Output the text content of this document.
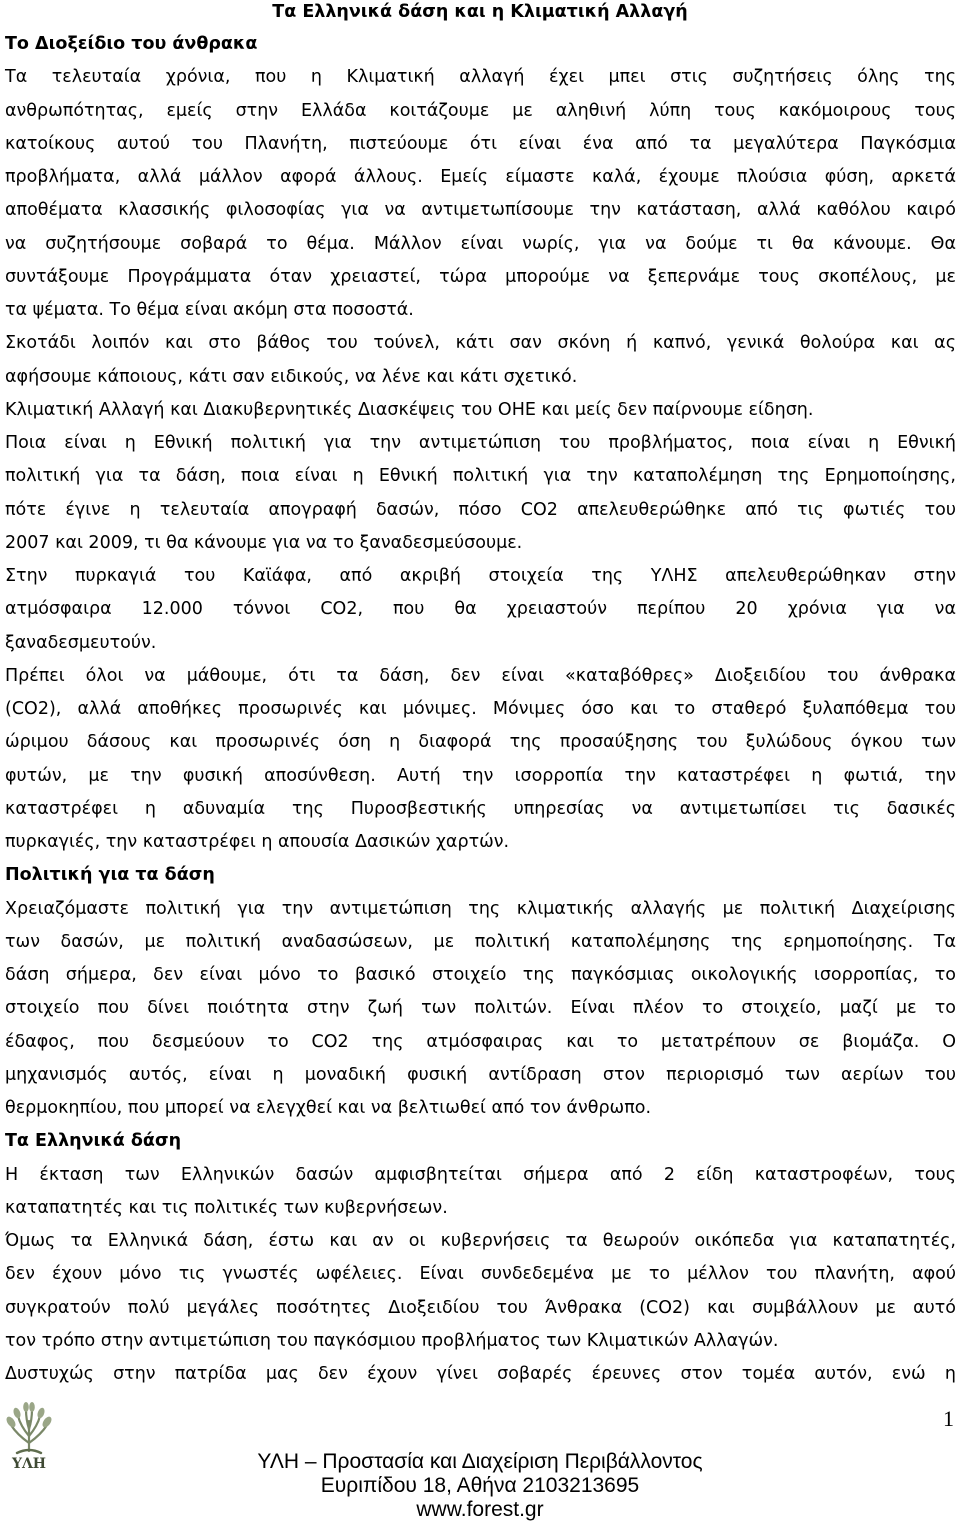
Τα Ελληνικά δάση και η Κλιματική Αλλαγή
Το Διοξείδιο του άνθρακα
Τα τελευταία χρόνια, που η Κλιματική αλλαγή έχει μπει στις συζητήσεις όλης της
ανθρωπότητας, εμείς στην Ελλάδα κοιτάζουμε με αληθινή λύπη τους κακόμοιρους τους
κατοίκους αυτού του Πλανήτη, πιστεύουμε ότι είναι ένα από τα μεγαλύτερα Παγκόσμια
προβλήματα, αλλά μάλλον αφορά άλλους. Εμείς είμαστε καλά, έχουμε πλούσια φύση, αρκετά
αποθέματα κλασσικής φιλοσοφίας για να αντιμετωπίσουμε την κατάσταση, αλλά καθόλου καιρό
να συζητήσουμε σοβαρά το θέμα. Μάλλον είναι νωρίς, για να δούμε τι θα κάνουμε. Θα
συντάξουμε Προγράμματα όταν χρειαστεί, τώρα μπορούμε να ξεπερνάμε τους σκοπέλους, με
τα ψέματα. Το θέμα είναι ακόμη στα ποσοστά.
Σκοτάδι λοιπόν και στο βάθος του τούνελ, κάτι σαν σκόνη ή καπνό, γενικά θολούρα και ας
αφήσουμε κάποιους, κάτι σαν ειδικούς, να λένε και κάτι σχετικό.
Κλιματική Αλλαγή και Διακυβερνητικές Διασκέψεις του ΟΗΕ και μείς δεν παίρνουμε είδηση.
Ποια είναι η Εθνική πολιτική για την αντιμετώπιση του προβλήματος, ποια είναι η Εθνική
πολιτική για τα δάση, ποια είναι η Εθνική πολιτική για την καταπολέμηση της Ερημοποίησης,
πότε έγινε η τελευταία απογραφή δασών, πόσο CO2 απελευθερώθηκε από τις φωτιές του
2007 και 2009, τι θα κάνουμε για να το ξαναδεσμεύσουμε.
Στην πυρκαγιά του Καϊάφα, από ακριβή στοιχεία της ΥΛΗΣ απελευθερώθηκαν στην
ατμόσφαιρα 12.000 τόννοι CO2, που θα χρειαστούν περίπου 20 χρόνια για να
ξαναδεσμευτούν.
Πρέπει όλοι να μάθουμε, ότι τα δάση, δεν είναι «καταβόθρες» Διοξειδίου του άνθρακα
(CO2), αλλά αποθήκες προσωρινές και μόνιμες. Μόνιμες όσο και το σταθερό ξυλαπόθεμα του
ώριμου δάσους και προσωρινές όση η διαφορά της προσαύξησης του ξυλώδους όγκου των
φυτών, με την φυσική αποσύνθεση. Αυτή την ισορροπία την καταστρέφει η φωτιά, την
καταστρέφει η αδυναμία της Πυροσβεστικής υπηρεσίας να αντιμετωπίσει τις δασικές
πυρκαγιές, την καταστρέφει η απουσία Δασικών χαρτών.
Πολιτική για τα δάση
Χρειαζόμαστε πολιτική για την αντιμετώπιση της κλιματικής αλλαγής με πολιτική Διαχείρισης
των δασών, με πολιτική αναδασώσεων, με πολιτική καταπολέμησης της ερημοποίησης. Τα
δάση σήμερα, δεν είναι μόνο το βασικό στοιχείο της παγκόσμιας οικολογικής ισορροπίας, το
στοιχείο που δίνει ποιότητα στην ζωή των πολιτών. Είναι πλέον το στοιχείο, μαζί με το
έδαφος, που δεσμεύουν το CO2 της ατμόσφαιρας και το μετατρέπουν σε βιομάζα. Ο
μηχανισμός αυτός, είναι η μοναδική φυσική αντίδραση στον περιορισμό των αερίων του
θερμοκηπίου, που μπορεί να ελεγχθεί και να βελτιωθεί από τον άνθρωπο.
Τα Ελληνικά δάση
Η έκταση των Ελληνικών δασών αμφισβητείται σήμερα από 2 είδη καταστροφέων, τους
καταπατητές και τις πολιτικές των κυβερνήσεων.
Όμως τα Ελληνικά δάση, έστω και αν οι κυβερνήσεις τα θεωρούν οικόπεδα για καταπατητές,
δεν έχουν μόνο τις γνωστές ωφέλειες. Είναι συνδεδεμένα με το μέλλον του πλανήτη, αφού
συγκρατούν πολύ μεγάλες ποσότητες Διοξειδίου του Άνθρακα (CO2) και συμβάλλουν με αυτό
τον τρόπο στην αντιμετώπιση του παγκόσμιου προβλήματος των Κλιματικών Αλλαγών.
Δυστυχώς στην πατρίδα μας δεν έχουν γίνει σοβαρές έρευνες στον τομέα αυτόν, ενώ η
ΥΛΗ
1
ΥΛΗ – Προστασία και Διαχείριση Περιβάλλοντος
Ευριπίδου 18, Αθήνα 2103213695
www.forest.gr
